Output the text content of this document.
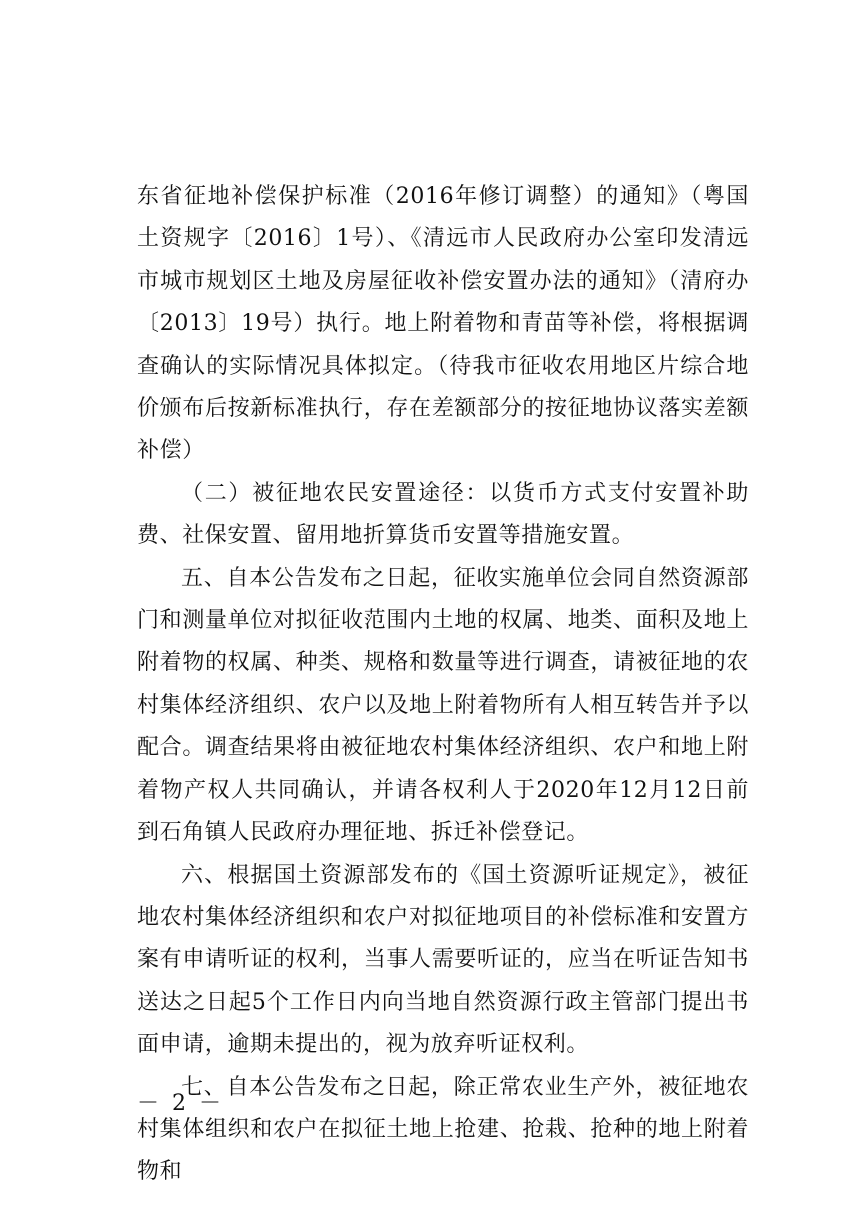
东省征地补偿保护标准（2016年修订调整）的通知》（粤国土资规字〔2016〕1号）、《清远市人民政府办公室印发清远市城市规划区土地及房屋征收补偿安置办法的通知》（清府办〔2013〕19号）执行。地上附着物和青苗等补偿，将根据调查确认的实际情况具体拟定。（待我市征收农用地区片综合地价颁布后按新标准执行，存在差额部分的按征地协议落实差额补偿）

（二）被征地农民安置途径：以货币方式支付安置补助费、社保安置、留用地折算货币安置等措施安置。

五、自本公告发布之日起，征收实施单位会同自然资源部门和测量单位对拟征收范围内土地的权属、地类、面积及地上附着物的权属、种类、规格和数量等进行调查，请被征地的农村集体经济组织、农户以及地上附着物所有人相互转告并予以配合。调查结果将由被征地农村集体经济组织、农户和地上附着物产权人共同确认，并请各权利人于2020年12月12日前到石角镇人民政府办理征地、拆迁补偿登记。

六、根据国土资源部发布的《国土资源听证规定》，被征地农村集体经济组织和农户对拟征地项目的补偿标准和安置方案有申请听证的权利，当事人需要听证的，应当在听证告知书送达之日起5个工作日内向当地自然资源行政主管部门提出书面申请，逾期未提出的，视为放弃听证权利。

七、自本公告发布之日起，除正常农业生产外，被征地农村集体组织和农户在拟征土地上抢建、抢栽、抢种的地上附着物和

－ 2 －
